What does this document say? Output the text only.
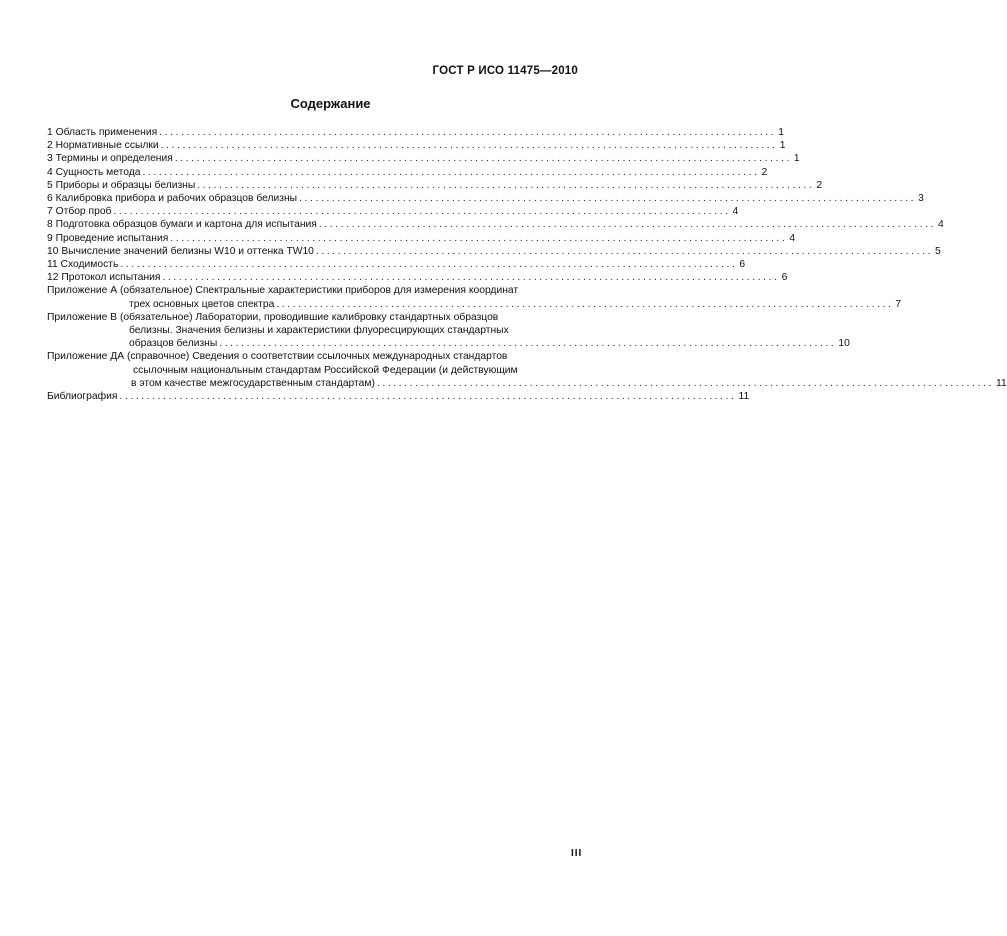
ГОСТ Р ИСО 11475—2010
Содержание
1 Область применения ................................................................................................................. 1
2 Нормативные ссылки ................................................................................................................. 1
3 Термины и определения ................................................................................................................. 1
4 Сущность метода ................................................................................................................. 2
5 Приборы и образцы белизны ................................................................................................................. 2
6 Калибровка прибора и рабочих образцов белизны ................................................................................................................. 3
7 Отбор проб ................................................................................................................. 4
8 Подготовка образцов бумаги и картона для испытания ................................................................................................................. 4
9 Проведение испытания ................................................................................................................. 4
10 Вычисление значений белизны W10 и оттенка TW10 ................................................................................................................. 5
11 Сходимость ................................................................................................................. 6
12 Протокол испытания ................................................................................................................. 6
Приложение А (обязательное) Спектральные характеристики приборов для измерения координат
трех основных цветов спектра ................................................................................................................. 7
Приложение В (обязательное) Лаборатории, проводившие калибровку стандартных образцов
белизны. Значения белизны и характеристики флуоресцирующих стандартных
образцов белизны ................................................................................................................. 10
Приложение ДА (справочное) Сведения о соответствии ссылочных международных стандартов
ссылочным национальным стандартам Российской Федерации (и действующим
в этом качестве межгосударственным стандартам) ................................................................................................................. 11
Библиография ................................................................................................................. 11
III
